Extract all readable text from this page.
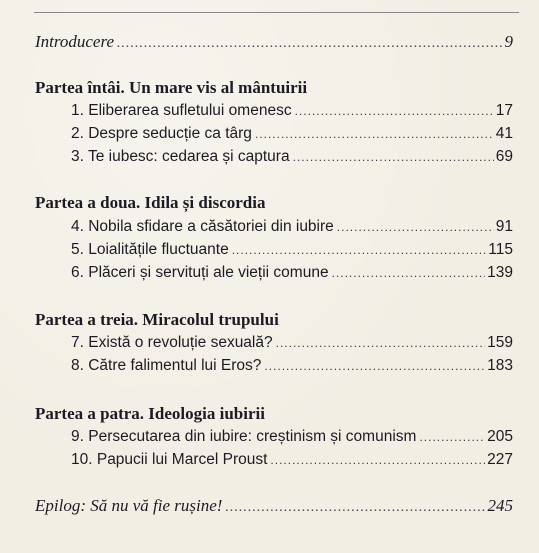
Introducere .....	9
Partea întâi. Un mare vis al mântuirii
1. Eliberarea sufletului omenesc .....	17
2. Despre seducție ca târg .....	41
3. Te iubesc: cedarea și captura .....	69
Partea a doua. Idila și discordia
4. Nobila sfidare a căsătoriei din iubire .....	91
5. Loialitățile fluctuante .....	115
6. Plăceri și servituți ale vieții comune .....	139
Partea a treia. Miracolul trupului
7. Există o revoluție sexuală? .....	159
8. Către falimentul lui Eros? .....	183
Partea a patra. Ideologia iubirii
9. Persecutarea din iubire: creștinism și comunism .....	205
10. Papucii lui Marcel Proust .....	227
Epilog: Să nu vă fie rușine! .....	245
